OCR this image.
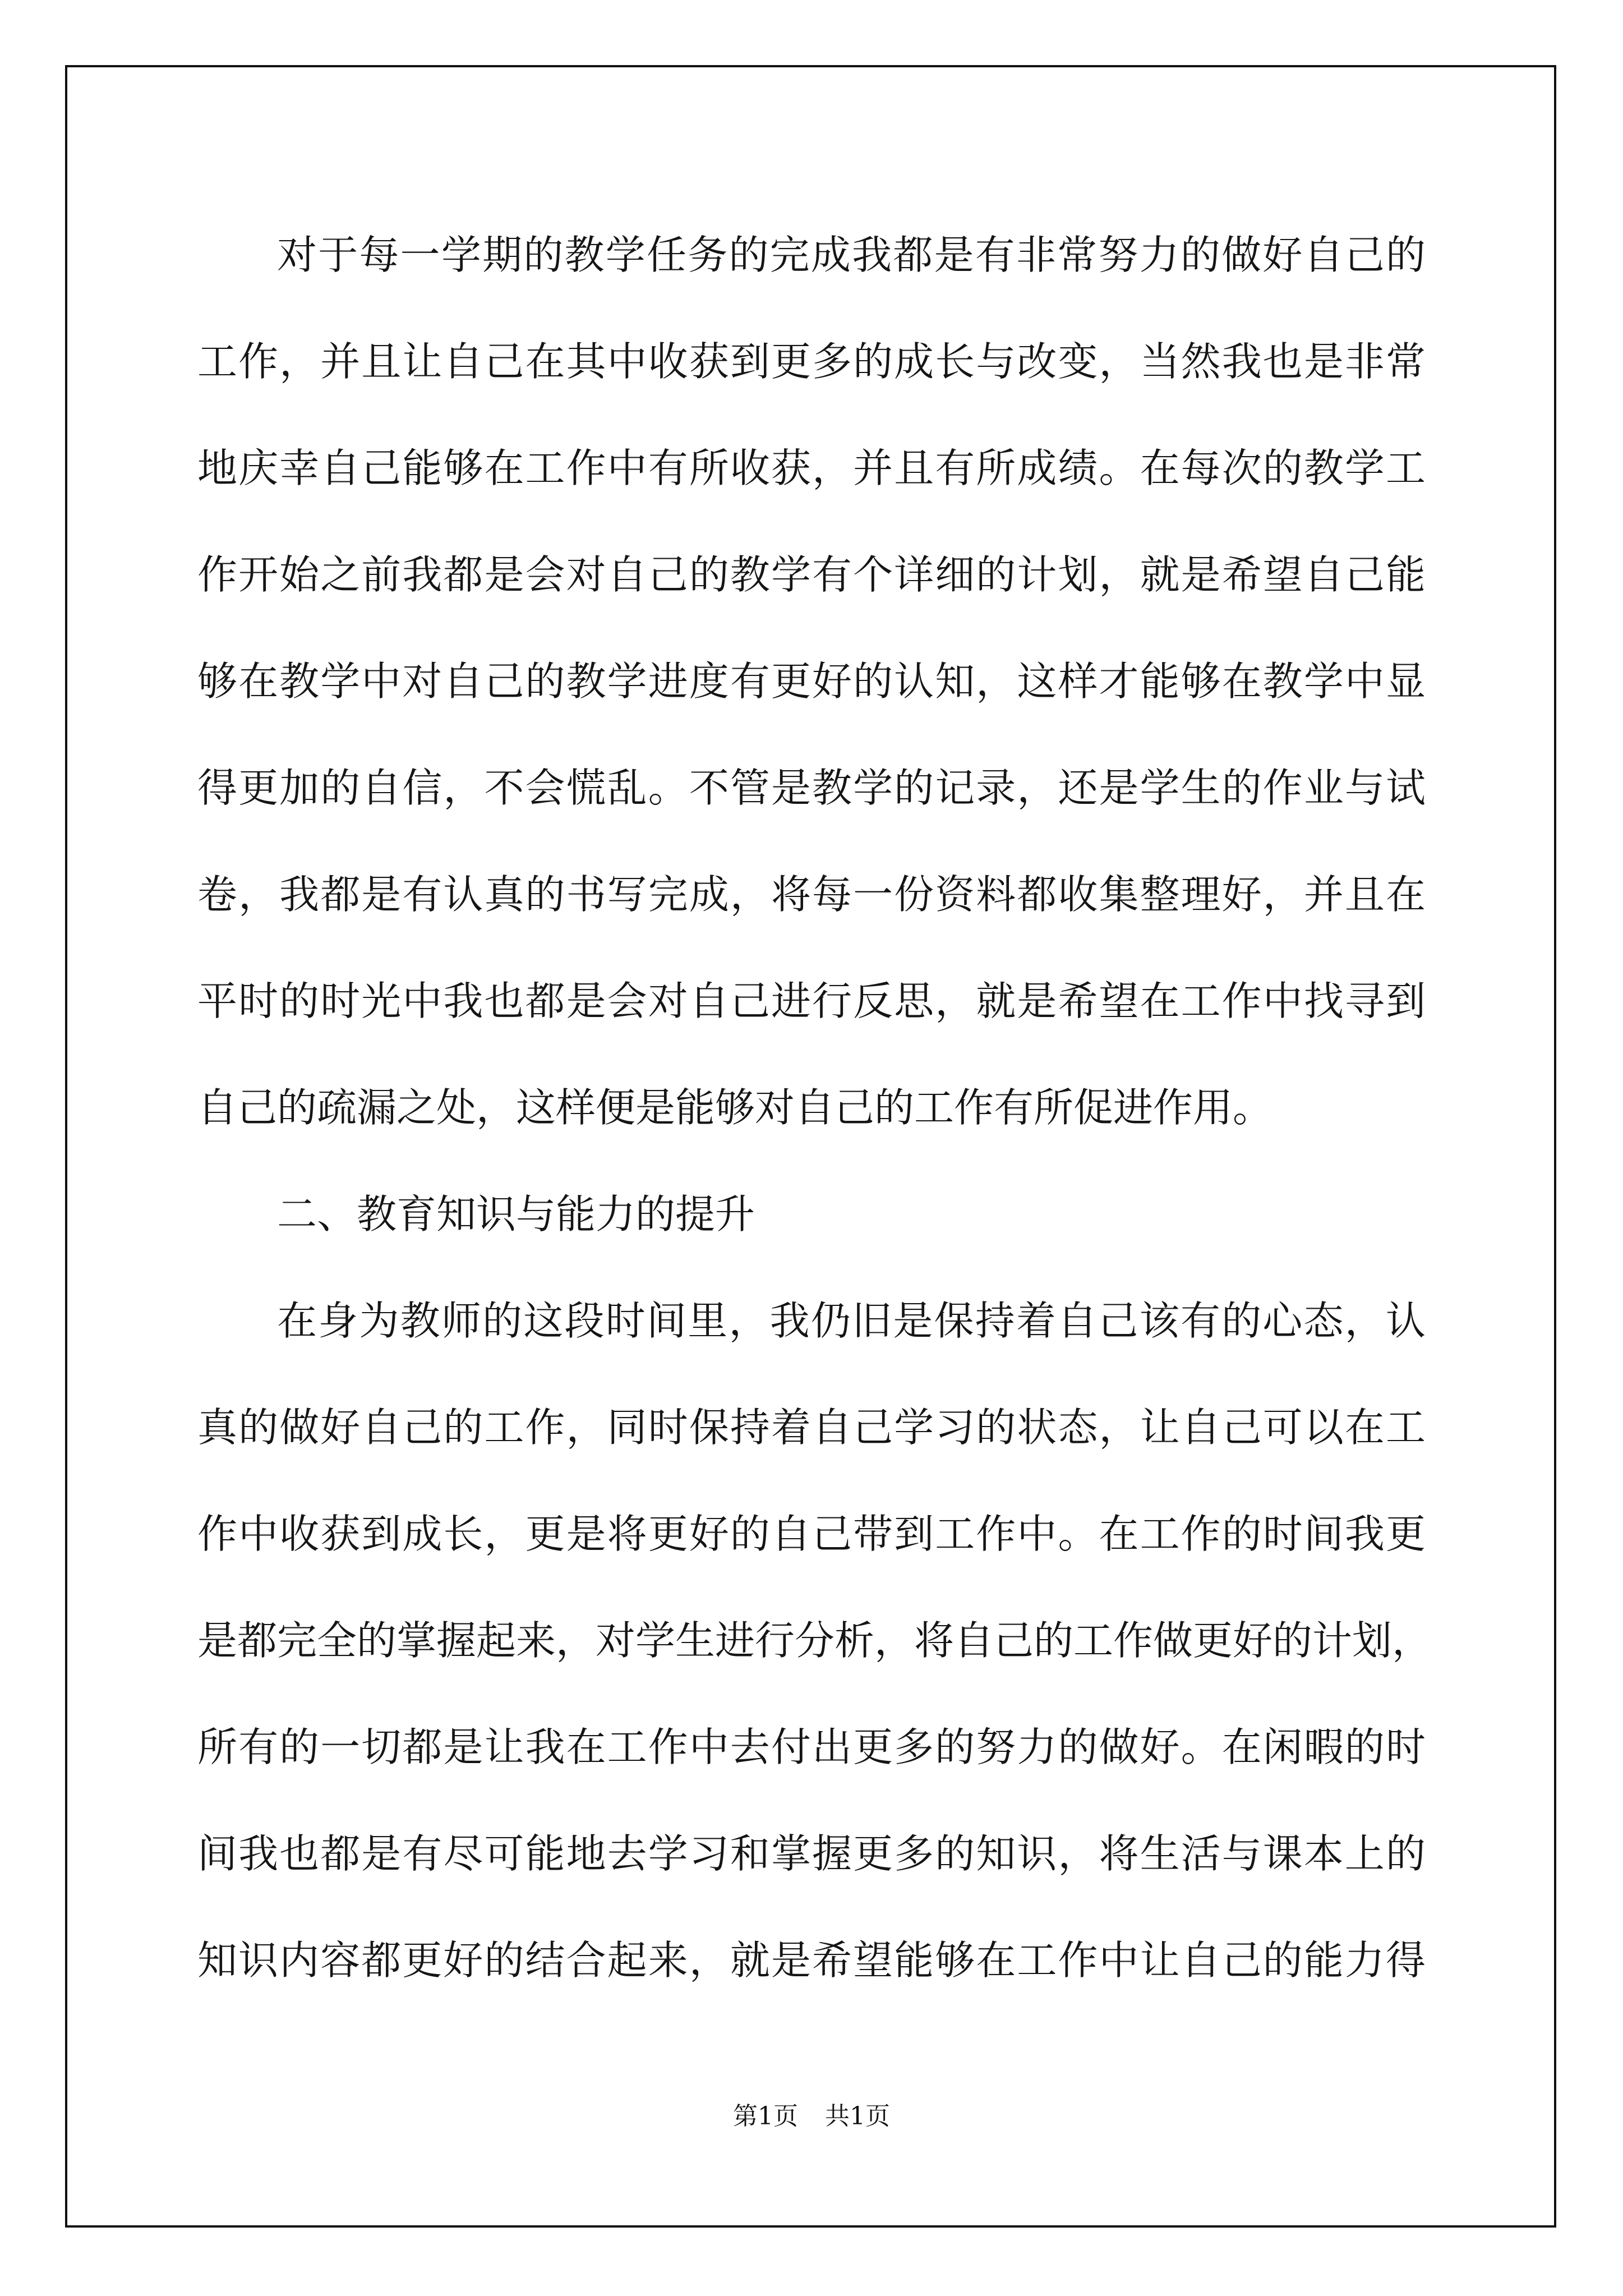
对于每一学期的教学任务的完成我都是有非常努力的做好自己的
工作，并且让自己在其中收获到更多的成长与改变，当然我也是非常
地庆幸自己能够在工作中有所收获，并且有所成绩。在每次的教学工
作开始之前我都是会对自己的教学有个详细的计划，就是希望自己能
够在教学中对自己的教学进度有更好的认知，这样才能够在教学中显
得更加的自信，不会慌乱。不管是教学的记录，还是学生的作业与试
卷，我都是有认真的书写完成，将每一份资料都收集整理好，并且在
平时的时光中我也都是会对自己进行反思，就是希望在工作中找寻到
自己的疏漏之处，这样便是能够对自己的工作有所促进作用。
二、教育知识与能力的提升
在身为教师的这段时间里，我仍旧是保持着自己该有的心态，认
真的做好自己的工作，同时保持着自己学习的状态，让自己可以在工
作中收获到成长，更是将更好的自己带到工作中。在工作的时间我更
是都完全的掌握起来，对学生进行分析，将自己的工作做更好的计划，
所有的一切都是让我在工作中去付出更多的努力的做好。在闲暇的时
间我也都是有尽可能地去学习和掌握更多的知识，将生活与课本上的
知识内容都更好的结合起来，就是希望能够在工作中让自己的能力得
第1页 共1页
